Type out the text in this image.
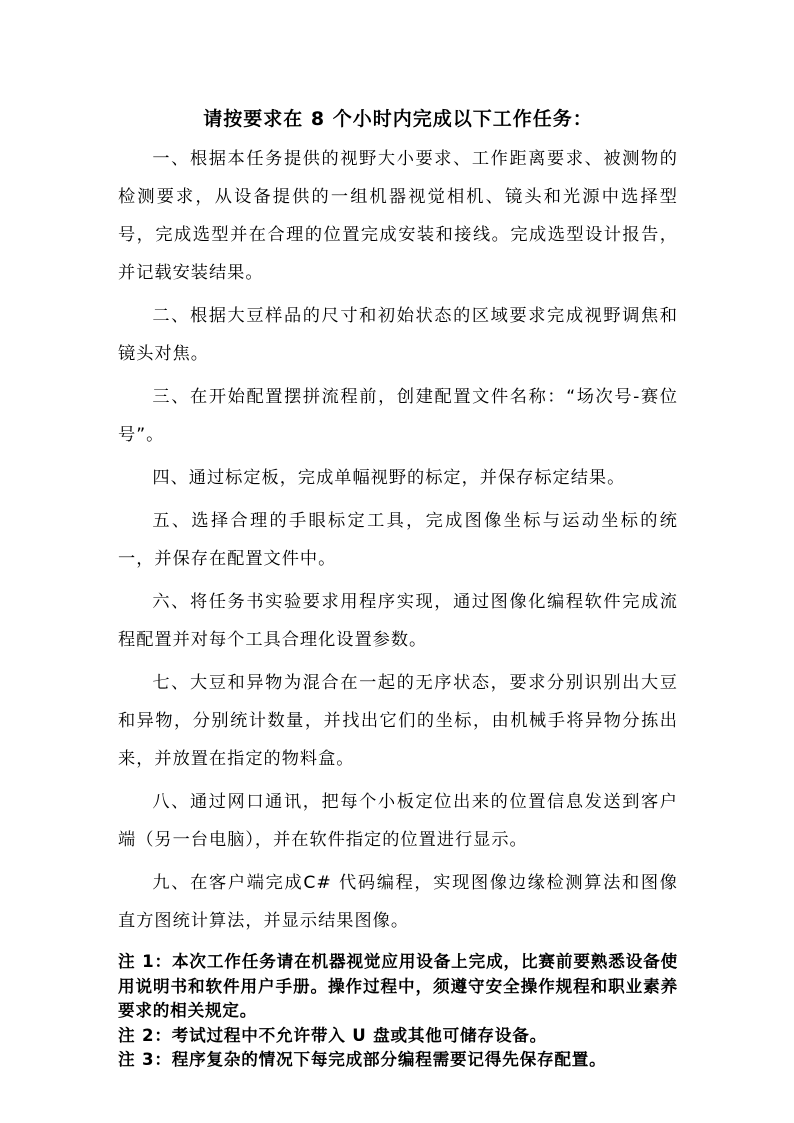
请按要求在 8 个小时内完成以下工作任务：

一、根据本任务提供的视野大小要求、工作距离要求、被测物的检测要求，从设备提供的一组机器视觉相机、镜头和光源中选择型号，完成选型并在合理的位置完成安装和接线。完成选型设计报告，并记载安装结果。

二、根据大豆样品的尺寸和初始状态的区域要求完成视野调焦和镜头对焦。

三、在开始配置摆拼流程前，创建配置文件名称：“场次号-赛位号”。

四、通过标定板，完成单幅视野的标定，并保存标定结果。

五、选择合理的手眼标定工具，完成图像坐标与运动坐标的统一，并保存在配置文件中。

六、将任务书实验要求用程序实现，通过图像化编程软件完成流程配置并对每个工具合理化设置参数。

七、大豆和异物为混合在一起的无序状态，要求分别识别出大豆和异物，分别统计数量，并找出它们的坐标，由机械手将异物分拣出来，并放置在指定的物料盒。

八、通过网口通讯，把每个小板定位出来的位置信息发送到客户端（另一台电脑），并在软件指定的位置进行显示。

九、在客户端完成C# 代码编程，实现图像边缘检测算法和图像直方图统计算法，并显示结果图像。

注 1：本次工作任务请在机器视觉应用设备上完成，比赛前要熟悉设备使用说明书和软件用户手册。操作过程中，须遵守安全操作规程和职业素养要求的相关规定。

注 2：考试过程中不允许带入 U 盘或其他可储存设备。

注 3：程序复杂的情况下每完成部分编程需要记得先保存配置。
